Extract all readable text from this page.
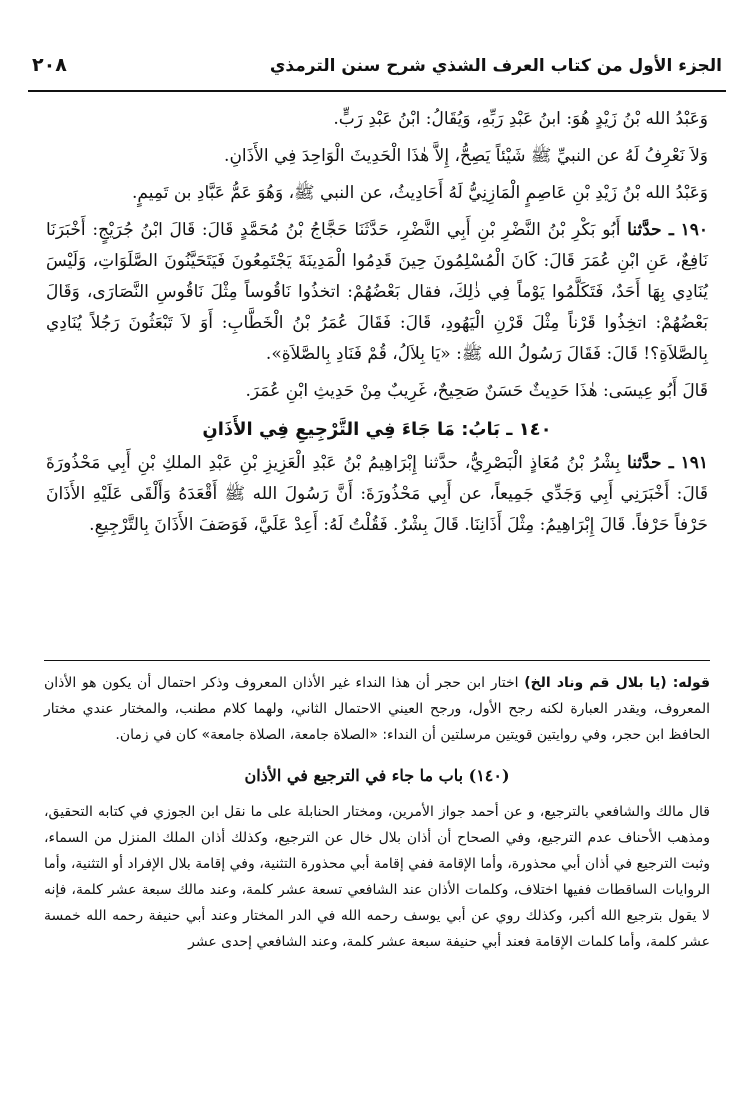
الجزء الأول من كتاب العرف الشذي شرح سنن الترمذي
٢٠٨

وَعَبْدُ الله بْنُ زَيْدٍ هُوَ: ابنُ عَبْدِ رَبِّهِ، وَيُقَالُ: ابْنُ عَبْدِ رَبٍّ.

وَلاَ نَعْرِفُ لَهُ عن النبيِّ ﷺ شَيْئاً يَصِحُّ، إِلاَّ هٰذَا الْحَدِيثَ الْوَاحِدَ فِي الأَذَانِ.

وَعَبْدُ الله بْنُ زَيْدِ بْنِ عَاصِمٍ الْمَازِنِيُّ لَهُ أَحَادِيثُ، عن النبي ﷺ، وَهُوَ عَمُّ عَبَّادِ بن تَمِيمٍ.

١٩٠ ـ حدَّثنا أَبُو بَكْرِ بْنُ النَّضْرِ بْنِ أَبِي النَّضْرِ، حَدَّثَنَا حَجَّاجُ بْنُ مُحَمَّدٍ قَالَ: قَالَ ابْنُ جُرَيْجٍ: أَخْبَرَنَا نَافِعٌ، عَنِ ابْنِ عُمَرَ قَالَ: كَانَ الْمُسْلِمُونَ حِينَ قَدِمُوا الْمَدِينَةَ يَجْتَمِعُونَ فَيَتَحَيَّنُونَ الصَّلَوَاتِ، وَلَيْسَ يُنَادِي بِهَا أَحَدٌ، فَتَكَلَّمُوا يَوْماً فِي ذٰلِكَ، فقال بَعْضُهُمْ: اتخذُوا نَاقُوساً مِثْلَ نَاقُوسِ النَّصَارَى، وَقَالَ بَعْضُهُمْ: اتخِذُوا قَرْناً مِثْلَ قَرْنِ الْيَهُودِ، قَالَ: فَقَالَ عُمَرُ بْنُ الْخَطَّابِ: أَوَ لاَ تَبْعَثُونَ رَجُلاً يُنَادِي بِالصَّلاَةِ؟! قَالَ: فَقَالَ رَسُولُ الله ﷺ: «يَا بِلاَلُ، قُمْ فَنَادِ بِالصَّلاَةِ».

قَالَ أَبُو عِيسَى: هٰذَا حَدِيثٌ حَسَنٌ صَحِيحٌ، غَرِيبٌ مِنْ حَدِيثِ ابْنِ عُمَرَ.

١٤٠ ـ بَابُ: مَا جَاءَ فِي التَّرْجِيعِ فِي الأَذَانِ

١٩١ ـ حدَّثنا بِشْرُ بْنُ مُعَاذٍ الْبَصْرِيُّ، حدَّثنا إِبْرَاهِيمُ بْنُ عَبْدِ الْعَزِيزِ بْنِ عَبْدِ الملكِ بْنِ أَبِي مَحْذُورَةَ قَالَ: أَخْبَرَنِي أَبِي وَجَدِّي جَمِيعاً، عن أَبِي مَحْذُورَةَ: أَنَّ رَسُولَ الله ﷺ أَقْعَدَهُ وَأَلْقَى عَلَيْهِ الأَذَانَ حَرْفاً حَرْفاً. قَالَ إِبْرَاهِيمُ: مِثْلَ أَذَانِنَا. قَالَ بِشْرٌ. فَقُلْتُ لَهُ: أَعِدْ عَلَيَّ، فَوَصَفَ الأَذَانَ بِالتَّرْجِيعِ.

قوله: (يا بلال قم وناد الخ) اختار ابن حجر أن هذا النداء غير الأذان المعروف وذكر احتمال أن يكون هو الأذان المعروف، ويقدر العبارة لكنه رجح الأول، ورجح العيني الاحتمال الثاني، ولهما كلام مطنب، والمختار عندي مختار الحافظ ابن حجر، وفي روايتين قويتين مرسلتين أن النداء: «الصلاة جامعة، الصلاة جامعة» كان في زمان.

(١٤٠) باب ما جاء في الترجيع في الأذان

قال مالك والشافعي بالترجيع، و عن أحمد جواز الأمرين، ومختار الحنابلة على ما نقل ابن الجوزي في كتابه التحقيق، ومذهب الأحناف عدم الترجيع، وفي الصحاح أن أذان بلال خال عن الترجيع، وكذلك أذان الملك المنزل من السماء، وثبت الترجيع في أذان أبي محذورة، وأما الإقامة ففي إقامة أبي محذورة التثنية، وفي إقامة بلال الإفراد أو التثنية، وأما الروايات الساقطات ففيها اختلاف، وكلمات الأذان عند الشافعي تسعة عشر كلمة، وعند مالك سبعة عشر كلمة، فإنه لا يقول بترجيع الله أكبر، وكذلك روي عن أبي يوسف رحمه الله في الدر المختار وعند أبي حنيفة رحمه الله خمسة عشر كلمة، وأما كلمات الإقامة فعند أبي حنيفة سبعة عشر كلمة، وعند الشافعي إحدى عشر
